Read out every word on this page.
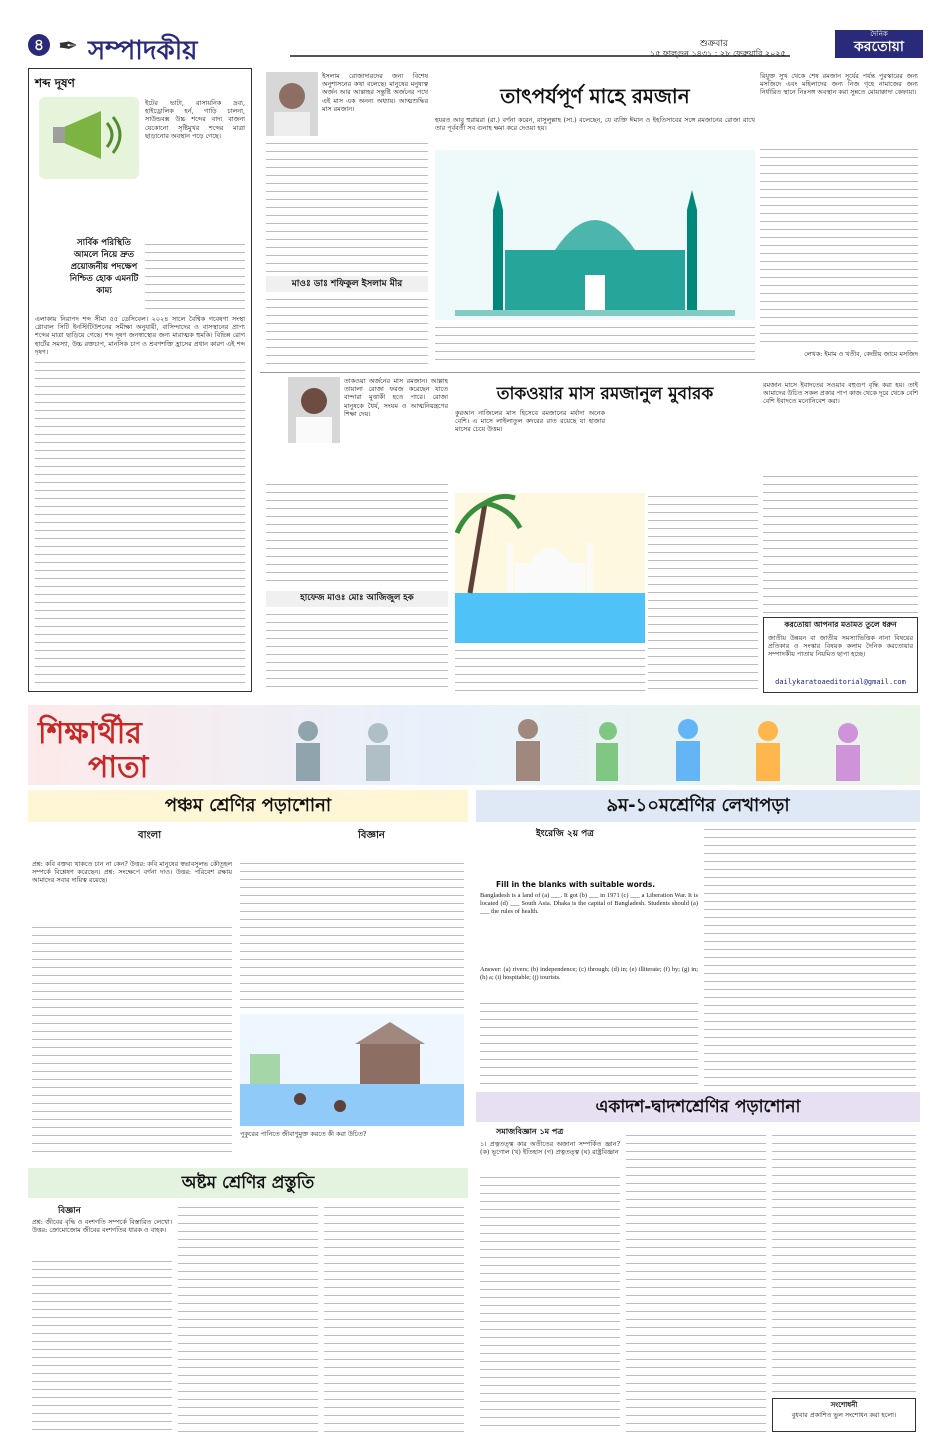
৪ ✒ সম্পাদকীয়	শুক্রবার
১৫ ফাল্গুন ১৪৩১ : ২৮ ফেব্রুয়ারি ২০২৫
দৈনিক
করতোয়া
শব্দ দূষণ
ইটের ভাটা, রাসায়নিক দ্রব্য, হাইড্রোলিক হর্ন, গাড়ি চালনা, সাউন্ডবক্স উচ্চ শব্দের বাদ্য বাজনা যেকোনো সৃষ্টিমুখর শব্দের মাত্রা ছাড়ানোর অবস্থান পড়ে গেছে।
সার্বিক পরিস্থিতি আমলে নিয়ে দ্রুত প্রয়োজনীয় পদক্ষেপ নিশ্চিত হোক এমনটি কাম্য
এলাকায় নিরাপদ শব্দ সীমা ৫৫ ডেসিবেল। ২০২৪ সালে বৈশ্বিক গবেষণা সংস্থা গ্লোবাল সিটি ইনস্টিটিউশনের সমীক্ষা অনুযায়ী, বাসিন্দাদের ও বাসস্থানের প্রাপ্য শব্দের মাত্রা ছাড়িয়ে গেছে। শব্দ দূষণ জনস্বাস্থ্যের জন্য মারাত্মক হুমকি। বিভিন্ন রোগ হার্টের সমস্যা, উচ্চ রক্তচাপ, মানসিক চাপ ও শ্রবণশক্তি হ্রাসের প্রধান কারণ এই শব্দ দূষণ।
ইসলাম রোজাদারদের জন্য বিশেষ অনুশাসনের কথা বলেছে। মানুষের মনুষ্যত্ব অর্জন আর আল্লাহর সন্তুষ্টি অর্জনের পথে এই মাস এক অনন্য অধ্যায়। আত্মশুদ্ধির মাস রমজান।
মাওঃ ডাঃ শফিকুল ইসলাম মীর
তাৎপর্যপূর্ণ মাহে রমজান
হযরত আবু হুরায়রা (রা.) বর্ণনা করেন, রাসুলুল্লাহ (সা.) বলেছেন, যে ব্যক্তি ঈমান ও ইহতিসাবের সঙ্গে রমজানের রোজা রাখে তার পূর্ববর্তী সব গুনাহ ক্ষমা করে দেওয়া হয়।
রিযুক্ত সুখ থেকে শেষ রমজান সূর্যের পর্যন্ত পুরস্কারের জন্য মসজিদে এবং মহিলাদের জন্য নিজ গৃহে নামাজের জন্য নির্ধারিত স্থানে নিঃসঙ্গ অবস্থান করা সুন্নতে মোয়াক্কাদা কেফায়া।
লেখক: ইমাম ও খতীব, কেন্দ্রীয় জামে মসজিদ
তাকওয়া অর্জনের মাস রমজান। আল্লাহ তায়ালা রোজা ফরজ করেছেন যাতে বান্দারা মুত্তাকী হতে পারে। রোজা মানুষকে ধৈর্য, সংযম ও আত্মনিয়ন্ত্রণের শিক্ষা দেয়।
হাফেজ মাওঃ মোঃ আজিজুল হক
তাকওয়ার মাস রমজানুল মুবারক
কুরআন নাজিলের মাস হিসেবে রমজানের মর্যাদা অনেক বেশি। এ মাসে লাইলাতুল কদরের রাত রয়েছে যা হাজার মাসের চেয়ে উত্তম।
রমজান মাসে ইবাদতের সওয়াব বহুগুণ বৃদ্ধি করা হয়। তাই আমাদের উচিত সকল প্রকার পাপ কাজ থেকে দূরে থেকে বেশি বেশি ইবাদতে মনোনিবেশ করা।
করতোয়া আপনার মতামত তুলে ধরুন
জাতীয় উন্নয়ন বা জাতীয় সমস্যাভিত্তিক নানা বিষয়ের প্রতিকার ও সংস্কার বিষয়ক কলাম দৈনিক করতোয়ার সম্পাদকীয় পাতায় নিয়মিত ছাপা হচ্ছে।
dailykaratoaeditorial@gmail.com
শিক্ষার্থীর
পাতা
পঞ্চম শ্রেণির পড়াশোনা
বাংলা	বিজ্ঞান
প্রশ্ন: কবি বক্তব্য থাকতে চান না কেন? উত্তর: কবি মানুষের স্বভাবসুলভ কৌতূহল সম্পর্কে বিশ্লেষণ করেছেন। প্রশ্ন: সংক্ষেপে বর্ণনা দাও। উত্তর: পরিবেশ রক্ষায় আমাদের সবার দায়িত্ব রয়েছে।
পুকুরের পানিতে জীবাণুমুক্ত করতে কী করা উচিত?
৯ম-১০মশ্রেণির লেখাপড়া
ইংরেজি ২য় পত্র
Fill in the blanks with suitable words.
Bangladesh is a land of (a) ___. It got (b) ___ in 1971 (c) ___ a Liberation War. It is located (d) ___ South Asia. Dhaka is the capital of Bangladesh. Students should (a) ___ the rules of health.
Answer: (a) rivers; (b) independence; (c) through; (d) in; (e) illiterate; (f) by; (g) in; (h) a; (i) hospitable; (j) tourists.
একাদশ-দ্বাদশশ্রেণির পড়াশোনা
সমাজবিজ্ঞান ১ম পত্র
১। প্রত্নতত্ত্ব কার অতীতের অজানা সম্পর্কিত জ্ঞান? (ক) ভূগোল (খ) ইতিহাস (গ) প্রত্নতত্ত্ব (ঘ) রাষ্ট্রবিজ্ঞান
সংশোধনী
বুধবার প্রকাশিত ভুল সংশোধন করা হলো।
অষ্টম শ্রেণির প্রস্তুতি
বিজ্ঞান
প্রশ্ন: জীবের বৃদ্ধি ও বংশগতি সম্পর্কে বিস্তারিত লেখো। উত্তর: ক্রোমোজোম জীবের বংশগতির ধারক ও বাহক।
